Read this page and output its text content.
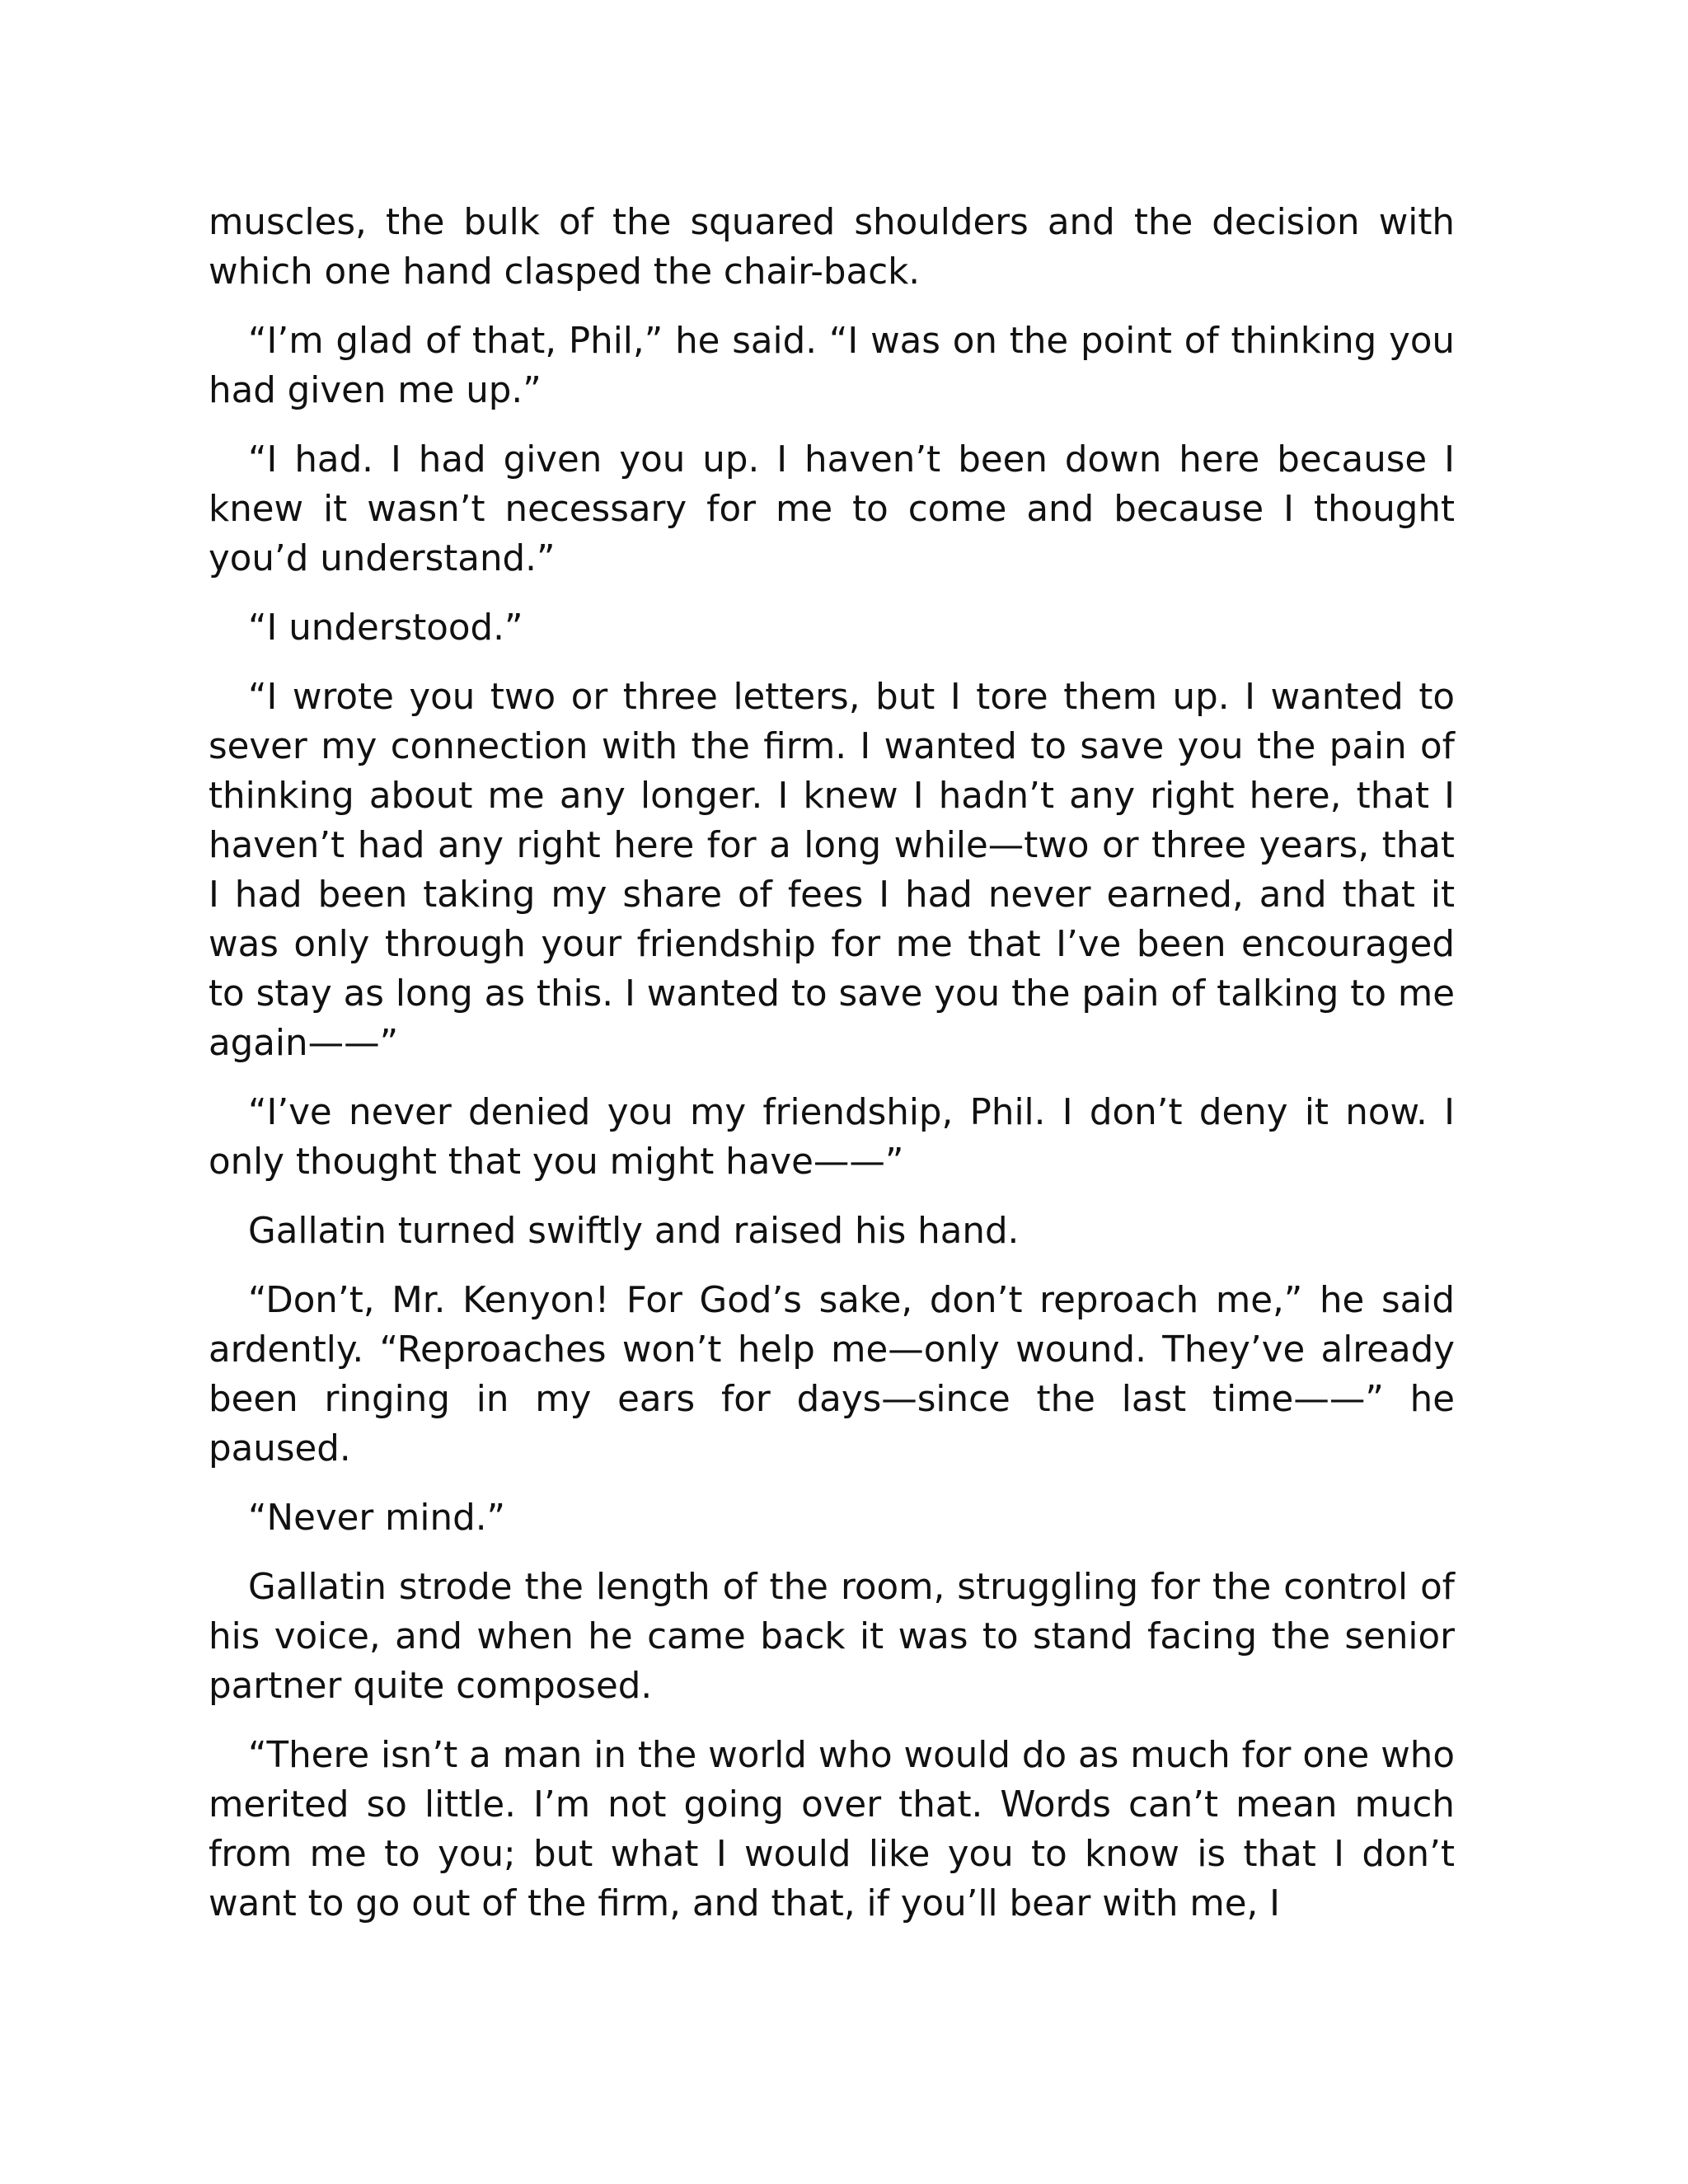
muscles, the bulk of the squared shoulders and the decision with which one hand clasped the chair-back.

“I’m glad of that, Phil,” he said. “I was on the point of thinking you had given me up.”

“I had. I had given you up. I haven’t been down here because I knew it wasn’t necessary for me to come and because I thought you’d understand.”

“I understood.”

“I wrote you two or three letters, but I tore them up. I wanted to sever my connection with the firm. I wanted to save you the pain of thinking about me any longer. I knew I hadn’t any right here, that I haven’t had any right here for a long while—two or three years, that I had been taking my share of fees I had never earned, and that it was only through your friendship for me that I’ve been encouraged to stay as long as this. I wanted to save you the pain of talking to me again——”

“I’ve never denied you my friendship, Phil. I don’t deny it now. I only thought that you might have——”

Gallatin turned swiftly and raised his hand.

“Don’t, Mr. Kenyon! For God’s sake, don’t reproach me,” he said ardently. “Reproaches won’t help me—only wound. They’ve already been ringing in my ears for days—since the last time——” he paused.

“Never mind.”

Gallatin strode the length of the room, struggling for the control of his voice, and when he came back it was to stand facing the senior partner quite composed.

“There isn’t a man in the world who would do as much for one who merited so little. I’m not going over that. Words can’t mean much from me to you; but what I would like you to know is that I don’t want to go out of the firm, and that, if you’ll bear with me, I
